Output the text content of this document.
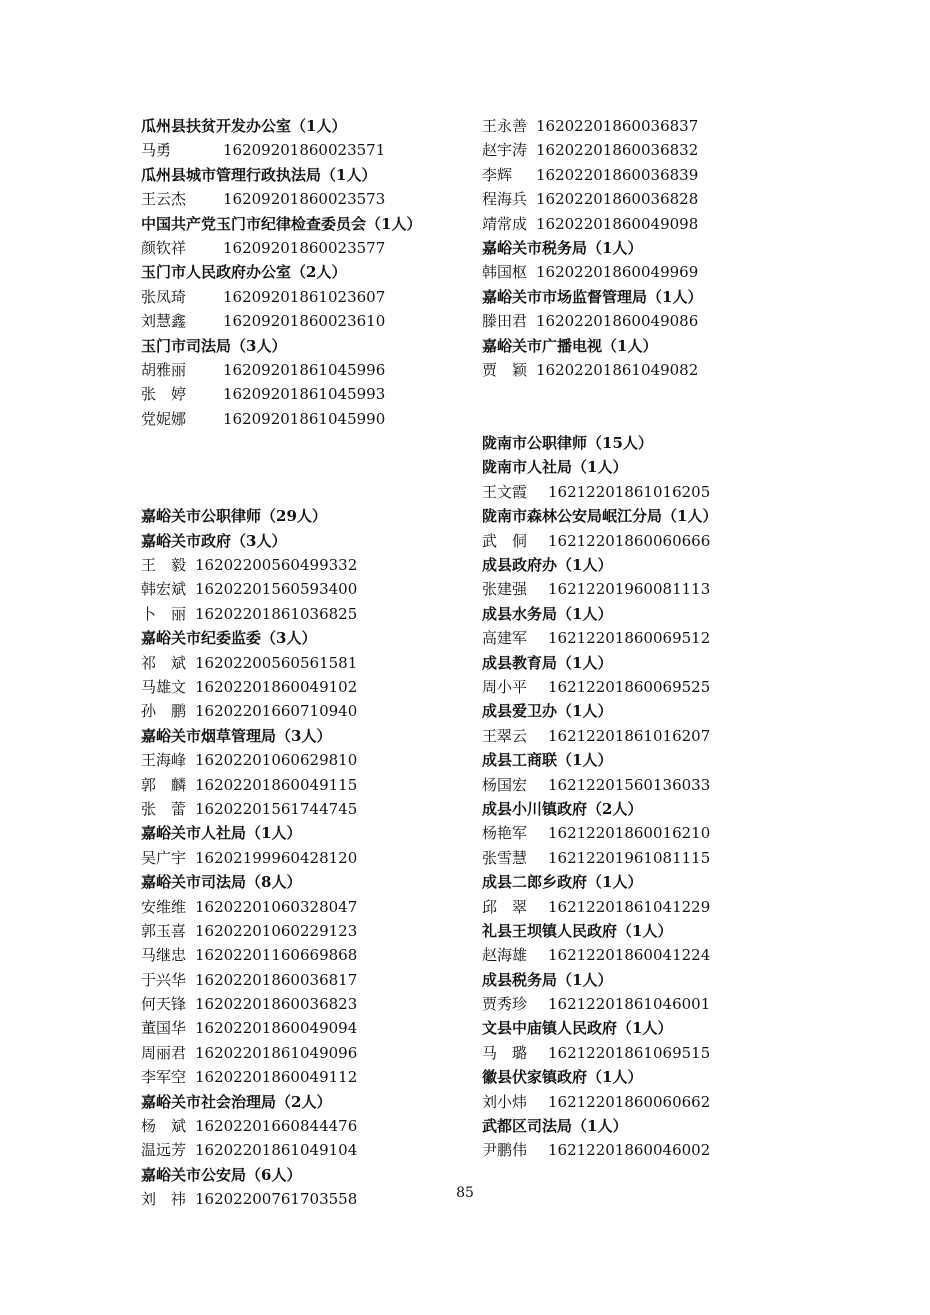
瓜州县扶贫开发办公室（1人）
马勇	16209201860023571
瓜州县城市管理行政执法局（1人）
王云杰 16209201860023573
中国共产党玉门市纪律检查委员会（1人）
颜钦祥 16209201860023577
玉门市人民政府办公室（2人）
张凤琦 16209201861023607
刘慧鑫 16209201860023610
玉门市司法局（3人）
胡雅丽 16209201861045996
张　婷 16209201861045993
党妮娜 16209201861045990
嘉峪关市公职律师（29人）
嘉峪关市政府（3人）
王　毅 16202200560499332
韩宏斌 16202201560593400
卜　丽 16202201861036825
嘉峪关市纪委监委（3人）
祁　斌 16202200560561581
马雄文 16202201860049102
孙　鹏 16202201660710940
嘉峪关市烟草管理局（3人）
王海峰 16202201060629810
郭　麟 16202201860049115
张　蕾 16202201561744745
嘉峪关市人社局（1人）
吴广宇 16202199960428120
嘉峪关市司法局（8人）
安维维 16202201060328047
郭玉喜 16202201060229123
马继忠 16202201160669868
于兴华 16202201860036817
何天锋 16202201860036823
董国华 16202201860049094
周丽君 16202201861049096
李军空 16202201860049112
嘉峪关市社会治理局（2人）
杨　斌 16202201660844476
温远芳 16202201861049104
嘉峪关市公安局（6人）
刘　祎 16202200761703558
王永善 16202201860036837
赵宇涛 16202201860036832
李辉 16202201860036839
程海兵 16202201860036828
靖常成 16202201860049098
嘉峪关市税务局（1人）
韩国枢 16202201860049969
嘉峪关市市场监督管理局（1人）
滕田君 16202201860049086
嘉峪关市广播电视（1人）
贾　颖 16202201861049082
陇南市公职律师（15人）
陇南市人社局（1人）
王文霞 16212201861016205
陇南市森林公安局岷江分局（1人）
武　侗 16212201860060666
成县政府办（1人）
张建强 16212201960081113
成县水务局（1人）
高建军 16212201860069512
成县教育局（1人）
周小平 16212201860069525
成县爱卫办（1人）
王翠云 16212201861016207
成县工商联（1人）
杨国宏 16212201560136033
成县小川镇政府（2人）
杨艳军 16212201860016210
张雪慧 16212201961081115
成县二郎乡政府（1人）
邱　翠 16212201861041229
礼县王坝镇人民政府（1人）
赵海雄 16212201860041224
成县税务局（1人）
贾秀珍 16212201861046001
文县中庙镇人民政府（1人）
马　璐 16212201861069515
徽县伏家镇政府（1人）
刘小炜 16212201860060662
武都区司法局（1人）
尹鹏伟 16212201860046002
85
